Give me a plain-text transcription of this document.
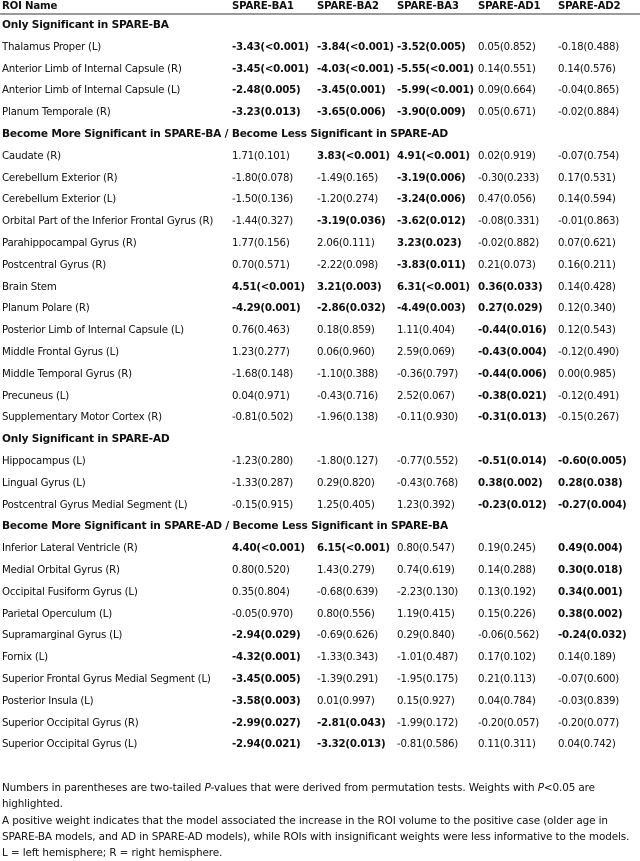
ROI Name	SPARE-BA1	SPARE-BA2	SPARE-BA3	SPARE-AD1	SPARE-AD2
Only Significant in SPARE-BA					
Thalamus Proper (L)	-3.43(<0.001)	-3.84(<0.001)	-3.52(0.005)	0.05(0.852)	-0.18(0.488)
Anterior Limb of Internal Capsule (R)	-3.45(<0.001)	-4.03(<0.001)	-5.55(<0.001)	0.14(0.551)	0.14(0.576)
Anterior Limb of Internal Capsule (L)	-2.48(0.005)	-3.45(0.001)	-5.99(<0.001)	0.09(0.664)	-0.04(0.865)
Planum Temporale (R)	-3.23(0.013)	-3.65(0.006)	-3.90(0.009)	0.05(0.671)	-0.02(0.884)
Become More Significant in SPARE-BA / Become Less Significant in SPARE-AD					
Caudate (R)	1.71(0.101)	3.83(<0.001)	4.91(<0.001)	0.02(0.919)	-0.07(0.754)
Cerebellum Exterior (R)	-1.80(0.078)	-1.49(0.165)	-3.19(0.006)	-0.30(0.233)	0.17(0.531)
Cerebellum Exterior (L)	-1.50(0.136)	-1.20(0.274)	-3.24(0.006)	0.47(0.056)	0.14(0.594)
Orbital Part of the Inferior Frontal Gyrus (R)	-1.44(0.327)	-3.19(0.036)	-3.62(0.012)	-0.08(0.331)	-0.01(0.863)
Parahippocampal Gyrus (R)	1.77(0.156)	2.06(0.111)	3.23(0.023)	-0.02(0.882)	0.07(0.621)
Postcentral Gyrus (R)	0.70(0.571)	-2.22(0.098)	-3.83(0.011)	0.21(0.073)	0.16(0.211)
Brain Stem	4.51(<0.001)	3.21(0.003)	6.31(<0.001)	0.36(0.033)	0.14(0.428)
Planum Polare (R)	-4.29(0.001)	-2.86(0.032)	-4.49(0.003)	0.27(0.029)	0.12(0.340)
Posterior Limb of Internal Capsule (L)	0.76(0.463)	0.18(0.859)	1.11(0.404)	-0.44(0.016)	0.12(0.543)
Middle Frontal Gyrus (L)	1.23(0.277)	0.06(0.960)	2.59(0.069)	-0.43(0.004)	-0.12(0.490)
Middle Temporal Gyrus (R)	-1.68(0.148)	-1.10(0.388)	-0.36(0.797)	-0.44(0.006)	0.00(0.985)
Precuneus (L)	0.04(0.971)	-0.43(0.716)	2.52(0.067)	-0.38(0.021)	-0.12(0.491)
Supplementary Motor Cortex (R)	-0.81(0.502)	-1.96(0.138)	-0.11(0.930)	-0.31(0.013)	-0.15(0.267)
Only Significant in SPARE-AD					
Hippocampus (L)	-1.23(0.280)	-1.80(0.127)	-0.77(0.552)	-0.51(0.014)	-0.60(0.005)
Lingual Gyrus (L)	-1.33(0.287)	0.29(0.820)	-0.43(0.768)	0.38(0.002)	0.28(0.038)
Postcentral Gyrus Medial Segment (L)	-0.15(0.915)	1.25(0.405)	1.23(0.392)	-0.23(0.012)	-0.27(0.004)
Become More Significant in SPARE-AD / Become Less Significant in SPARE-BA					
Inferior Lateral Ventricle (R)	4.40(<0.001)	6.15(<0.001)	0.80(0.547)	0.19(0.245)	0.49(0.004)
Medial Orbital Gyrus (R)	0.80(0.520)	1.43(0.279)	0.74(0.619)	0.14(0.288)	0.30(0.018)
Occipital Fusiform Gyrus (L)	0.35(0.804)	-0.68(0.639)	-2.23(0.130)	0.13(0.192)	0.34(0.001)
Parietal Operculum (L)	-0.05(0.970)	0.80(0.556)	1.19(0.415)	0.15(0.226)	0.38(0.002)
Supramarginal Gyrus (L)	-2.94(0.029)	-0.69(0.626)	0.29(0.840)	-0.06(0.562)	-0.24(0.032)
Fornix (L)	-4.32(0.001)	-1.33(0.343)	-1.01(0.487)	0.17(0.102)	0.14(0.189)
Superior Frontal Gyrus Medial Segment (L)	-3.45(0.005)	-1.39(0.291)	-1.95(0.175)	0.21(0.113)	-0.07(0.600)
Posterior Insula (L)	-3.58(0.003)	0.01(0.997)	0.15(0.927)	0.04(0.784)	-0.03(0.839)
Superior Occipital Gyrus (R)	-2.99(0.027)	-2.81(0.043)	-1.99(0.172)	-0.20(0.057)	-0.20(0.077)
Superior Occipital Gyrus (L)	-2.94(0.021)	-3.32(0.013)	-0.81(0.586)	0.11(0.311)	0.04(0.742)

Numbers in parentheses are two-tailed P-values that were derived from permutation tests. Weights with P<0.05 are highlighted.

A positive weight indicates that the model associated the increase in the ROI volume to the positive case (older age in SPARE-BA models, and AD in SPARE-AD models), while ROIs with insignificant weights were less informative to the models.

L = left hemisphere; R = right hemisphere.
